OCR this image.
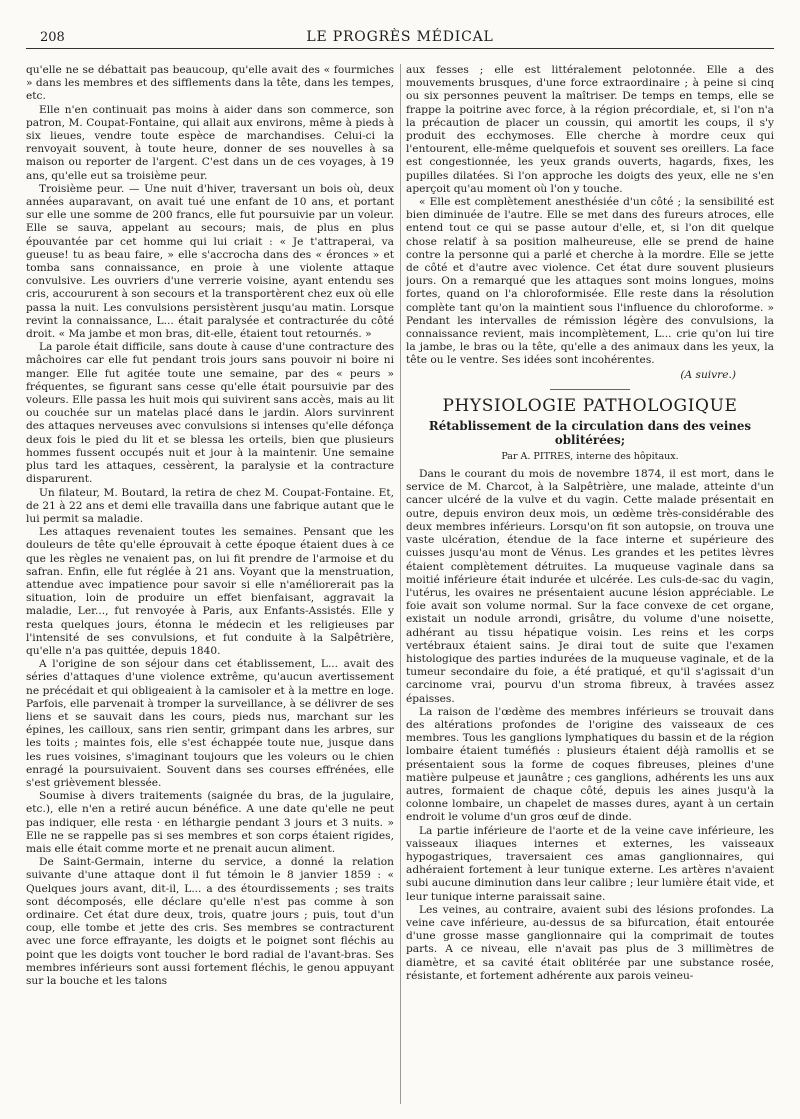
208	LE PROGRÈS MÉDICAL

qu'elle ne se débattait pas beaucoup, qu'elle avait des « fourmiches » dans les membres et des sifflements dans la tête, dans les tempes, etc.

Elle n'en continuait pas moins à aider dans son commerce, son patron, M. Coupat-Fontaine, qui allait aux environs, même à pieds à six lieues, vendre toute espèce de marchandises. Celui-ci la renvoyait souvent, à toute heure, donner de ses nouvelles à sa maison ou reporter de l'argent. C'est dans un de ces voyages, à 19 ans, qu'elle eut sa troisième peur.

Troisième peur. — Une nuit d'hiver, traversant un bois où, deux années auparavant, on avait tué une enfant de 10 ans, et portant sur elle une somme de 200 francs, elle fut poursuivie par un voleur. Elle se sauva, appelant au secours; mais, de plus en plus épouvantée par cet homme qui lui criait : « Je t'attraperai, va gueuse! tu as beau faire, » elle s'accrocha dans des « éronces » et tomba sans connaissance, en proie à une violente attaque convulsive. Les ouvriers d'une verrerie voisine, ayant entendu ses cris, accoururent à son secours et la transportèrent chez eux où elle passa la nuit. Les convulsions persistèrent jusqu'au matin. Lorsque revint la connaissance, L... était paralysée et contracturée du côté droit. « Ma jambe et mon bras, dit-elle, étaient tout retournés. »

La parole était difficile, sans doute à cause d'une contracture des mâchoires car elle fut pendant trois jours sans pouvoir ni boire ni manger. Elle fut agitée toute une semaine, par des « peurs » fréquentes, se figurant sans cesse qu'elle était poursuivie par des voleurs. Elle passa les huit mois qui suivirent sans accès, mais au lit ou couchée sur un matelas placé dans le jardin. Alors survinrent des attaques nerveuses avec convulsions si intenses qu'elle défonça deux fois le pied du lit et se blessa les orteils, bien que plusieurs hommes fussent occupés nuit et jour à la maintenir. Une semaine plus tard les attaques, cessèrent, la paralysie et la contracture disparurent.

Un filateur, M. Boutard, la retira de chez M. Coupat-Fontaine. Et, de 21 à 22 ans et demi elle travailla dans une fabrique autant que le lui permit sa maladie.

Les attaques revenaient toutes les semaines. Pensant que les douleurs de tête qu'elle éprouvait à cette époque étaient dues à ce que les règles ne venaient pas, on lui fit prendre de l'armoise et du safran. Enfin, elle fut réglée à 21 ans. Voyant que la menstruation, attendue avec impatience pour savoir si elle n'améliorerait pas la situation, loin de produire un effet bienfaisant, aggravait la maladie, Ler..., fut renvoyée à Paris, aux Enfants-Assistés. Elle y resta quelques jours, étonna le médecin et les religieuses par l'intensité de ses convulsions, et fut conduite à la Salpêtrière, qu'elle n'a pas quittée, depuis 1840.

A l'origine de son séjour dans cet établissement, L... avait des séries d'attaques d'une violence extrême, qu'aucun avertissement ne précédait et qui obligeaient à la camisoler et à la mettre en loge. Parfois, elle parvenait à tromper la surveillance, à se délivrer de ses liens et se sauvait dans les cours, pieds nus, marchant sur les épines, les cailloux, sans rien sentir, grimpant dans les arbres, sur les toits ; maintes fois, elle s'est échappée toute nue, jusque dans les rues voisines, s'imaginant toujours que les voleurs ou le chien enragé la poursuivaient. Souvent dans ses courses effrénées, elle s'est grièvement blessée.

Soumise à divers traitements (saignée du bras, de la jugulaire, etc.), elle n'en a retiré aucun bénéfice. A une date qu'elle ne peut pas indiquer, elle resta · en léthargie pendant 3 jours et 3 nuits. » Elle ne se rappelle pas si ses membres et son corps étaient rigides, mais elle était comme morte et ne prenait aucun aliment.

De Saint-Germain, interne du service, a donné la relation suivante d'une attaque dont il fut témoin le 8 janvier 1859 : « Quelques jours avant, dit-il, L... a des étourdissements ; ses traits sont décomposés, elle déclare qu'elle n'est pas comme à son ordinaire. Cet état dure deux, trois, quatre jours ; puis, tout d'un coup, elle tombe et jette des cris. Ses membres se contracturent avec une force effrayante, les doigts et le poignet sont fléchis au point que les doigts vont toucher le bord radial de l'avant-bras. Ses membres inférieurs sont aussi fortement fléchis, le genou appuyant sur la bouche et les talons

aux fesses ; elle est littéralement pelotonnée. Elle a des mouvements brusques, d'une force extraordinaire ; à peine si cinq ou six personnes peuvent la maîtriser. De temps en temps, elle se frappe la poitrine avec force, à la région précordiale, et, si l'on n'a la précaution de placer un coussin, qui amortit les coups, il s'y produit des ecchymoses. Elle cherche à mordre ceux qui l'entourent, elle-même quelquefois et souvent ses oreillers. La face est congestionnée, les yeux grands ouverts, hagards, fixes, les pupilles dilatées. Si l'on approche les doigts des yeux, elle ne s'en aperçoit qu'au moment où l'on y touche.

« Elle est complètement anesthésiée d'un côté ; la sensibilité est bien diminuée de l'autre. Elle se met dans des fureurs atroces, elle entend tout ce qui se passe autour d'elle, et, si l'on dit quelque chose relatif à sa position malheureuse, elle se prend de haine contre la personne qui a parlé et cherche à la mordre. Elle se jette de côté et d'autre avec violence. Cet état dure souvent plusieurs jours. On a remarqué que les attaques sont moins longues, moins fortes, quand on l'a chloroformisée. Elle reste dans la résolution complète tant qu'on la maintient sous l'influence du chloroforme. » Pendant les intervalles de rémission légère des convulsions, la connaissance revient, mais incomplètement, L... crie qu'on lui tire la jambe, le bras ou la tête, qu'elle a des animaux dans les yeux, la tête ou le ventre. Ses idées sont incohérentes.

(A suivre.)
PHYSIOLOGIE PATHOLOGIQUE
Rétablissement de la circulation dans des veines oblitérées;
Par A. PITRES, interne des hôpitaux.

Dans le courant du mois de novembre 1874, il est mort, dans le service de M. Charcot, à la Salpêtrière, une malade, atteinte d'un cancer ulcéré de la vulve et du vagin. Cette malade présentait en outre, depuis environ deux mois, un œdème très-considérable des deux membres inférieurs. Lorsqu'on fit son autopsie, on trouva une vaste ulcération, étendue de la face interne et supérieure des cuisses jusqu'au mont de Vénus. Les grandes et les petites lèvres étaient complètement détruites. La muqueuse vaginale dans sa moitié inférieure était indurée et ulcérée. Les culs-de-sac du vagin, l'utérus, les ovaires ne présentaient aucune lésion appréciable. Le foie avait son volume normal. Sur la face convexe de cet organe, existait un nodule arrondi, grisâtre, du volume d'une noisette, adhérant au tissu hépatique voisin. Les reins et les corps vertébraux étaient sains. Je dirai tout de suite que l'examen histologique des parties indurées de la muqueuse vaginale, et de la tumeur secondaire du foie, a été pratiqué, et qu'il s'agissait d'un carcinome vrai, pourvu d'un stroma fibreux, à travées assez épaisses.

La raison de l'œdème des membres inférieurs se trouvait dans des altérations profondes de l'origine des vaisseaux de ces membres. Tous les ganglions lymphatiques du bassin et de la région lombaire étaient tuméfiés : plusieurs étaient déjà ramollis et se présentaient sous la forme de coques fibreuses, pleines d'une matière pulpeuse et jaunâtre ; ces ganglions, adhérents les uns aux autres, formaient de chaque côté, depuis les aines jusqu'à la colonne lombaire, un chapelet de masses dures, ayant à un certain endroit le volume d'un gros œuf de dinde.

La partie inférieure de l'aorte et de la veine cave inférieure, les vaisseaux iliaques internes et externes, les vaisseaux hypogastriques, traversaient ces amas ganglionnaires, qui adhéraient fortement à leur tunique externe. Les artères n'avaient subi aucune diminution dans leur calibre ; leur lumière était vide, et leur tunique interne paraissait saine.

Les veines, au contraire, avaient subi des lésions profondes. La veine cave inférieure, au-dessus de sa bifurcation, était entourée d'une grosse masse ganglionnaire qui la comprimait de toutes parts. A ce niveau, elle n'avait pas plus de 3 millimètres de diamètre, et sa cavité était oblitérée par une substance rosée, résistante, et fortement adhérente aux parois veineu-
